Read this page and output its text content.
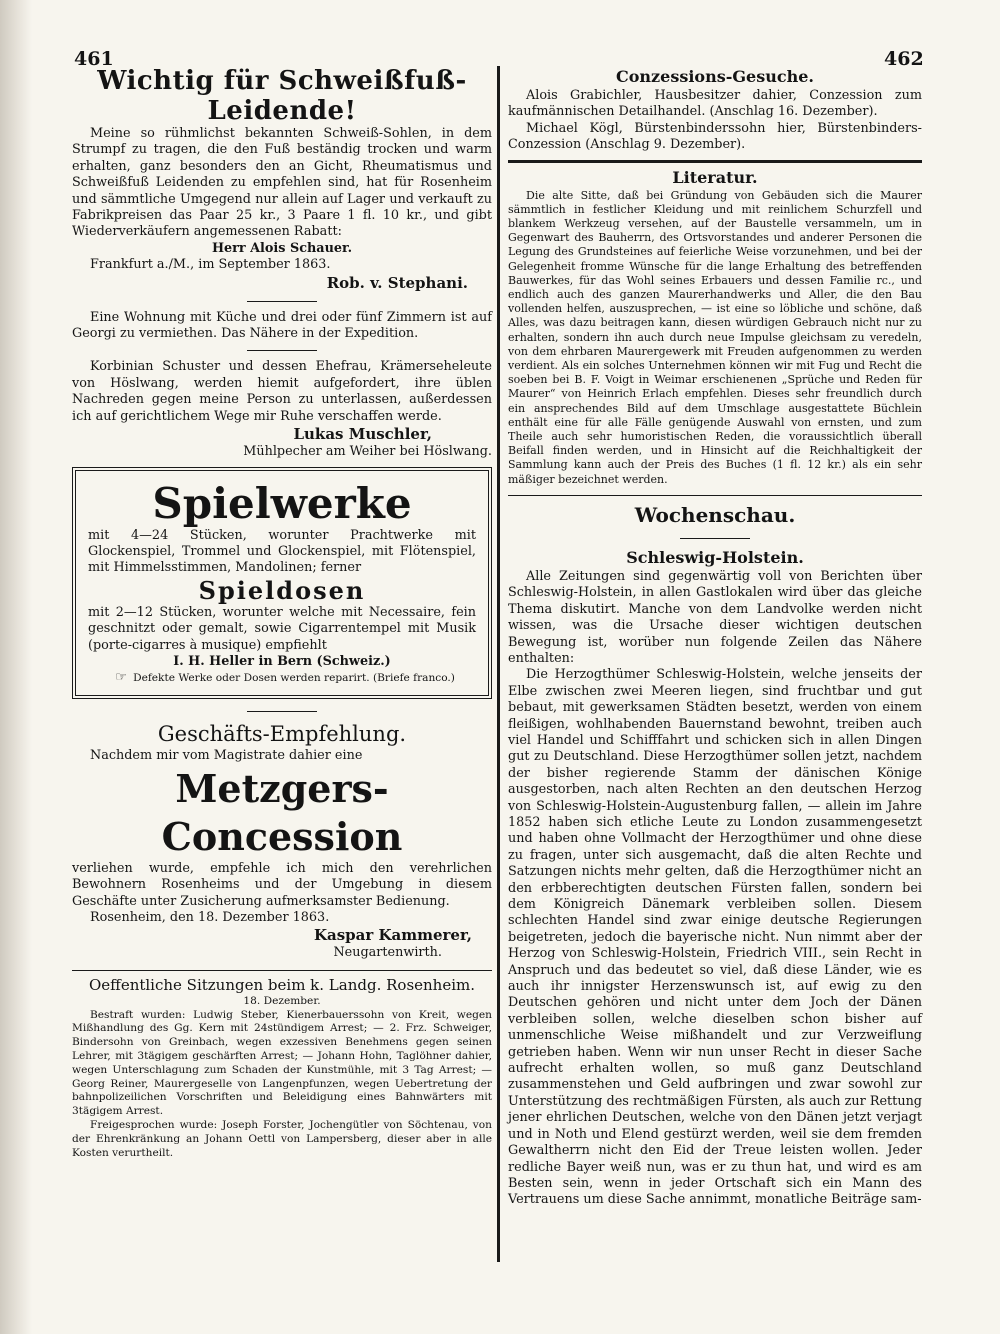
461	462

Wichtig für Schweißfuß-Leidende!

Meine so rühmlichst bekannten Schweiß-Sohlen, in dem Strumpf zu tragen, die den Fuß beständig trocken und warm erhalten, ganz besonders den an Gicht, Rheumatismus und Schweißfuß Leidenden zu empfehlen sind, hat für Rosenheim und sämmtliche Umgegend nur allein auf Lager und verkauft zu Fabrikpreisen das Paar 25 kr., 3 Paare 1 fl. 10 kr., und gibt Wiederverkäufern angemessenen Rabatt:

Herr Alois Schauer.

Frankfurt a./M., im September 1863.

Rob. v. Stephani.

Eine Wohnung mit Küche und drei oder fünf Zimmern ist auf Georgi zu vermiethen. Das Nähere in der Expedition.

Korbinian Schuster und dessen Ehefrau, Krämerseheleute von Höslwang, werden hiemit aufgefordert, ihre üblen Nachreden gegen meine Person zu unterlassen, außerdessen ich auf gerichtlichem Wege mir Ruhe verschaffen werde.

Lukas Muschler,

Mühlpecher am Weiher bei Höslwang.

Spielwerke

mit 4—24 Stücken, worunter Prachtwerke mit Glockenspiel, Trommel und Glockenspiel, mit Flötenspiel, mit Himmelsstimmen, Mandolinen; ferner

Spieldosen

mit 2—12 Stücken, worunter welche mit Necessaire, fein geschnitzt oder gemalt, sowie Cigarrentempel mit Musik (porte-cigarres à musique) empfiehlt

I. H. Heller in Bern (Schweiz.)

☞ Defekte Werke oder Dosen werden reparirt. (Briefe franco.)

Geschäfts-Empfehlung.

Nachdem mir vom Magistrate dahier eine

Metzgers-Concession

verliehen wurde, empfehle ich mich den verehrlichen Bewohnern Rosenheims und der Umgebung in diesem Geschäfte unter Zusicherung aufmerksamster Bedienung.

Rosenheim, den 18. Dezember 1863.

Kaspar Kammerer,

Neugartenwirth.

Oeffentliche Sitzungen beim k. Landg. Rosenheim.

18. Dezember.

Bestraft wurden: Ludwig Steber, Kienerbauerssohn von Kreit, wegen Mißhandlung des Gg. Kern mit 24stündigem Arrest; — 2. Frz. Schweiger, Bindersohn von Greinbach, wegen exzessiven Benehmens gegen seinen Lehrer, mit 3tägigem geschärften Arrest; — Johann Hohn, Taglöhner dahier, wegen Unterschlagung zum Schaden der Kunstmühle, mit 3 Tag Arrest; — Georg Reiner, Maurergeselle von Langenpfunzen, wegen Uebertretung der bahnpolizeilichen Vorschriften und Beleidigung eines Bahnwärters mit 3tägigem Arrest.

Freigesprochen wurde: Joseph Forster, Jochengütler von Söchtenau, von der Ehrenkränkung an Johann Oettl von Lampersberg, dieser aber in alle Kosten verurtheilt.

Conzessions-Gesuche.

Alois Grabichler, Hausbesitzer dahier, Conzession zum kaufmännischen Detailhandel. (Anschlag 16. Dezember).

Michael Kögl, Bürstenbinderssohn hier, Bürstenbinders-Conzession (Anschlag 9. Dezember).

Literatur.

Die alte Sitte, daß bei Gründung von Gebäuden sich die Maurer sämmtlich in festlicher Kleidung und mit reinlichem Schurzfell und blankem Werkzeug versehen, auf der Baustelle versammeln, um in Gegenwart des Bauherrn, des Ortsvorstandes und anderer Personen die Legung des Grundsteines auf feierliche Weise vorzunehmen, und bei der Gelegenheit fromme Wünsche für die lange Erhaltung des betreffenden Bauwerkes, für das Wohl seines Erbauers und dessen Familie rc., und endlich auch des ganzen Maurerhandwerks und Aller, die den Bau vollenden helfen, auszusprechen, — ist eine so löbliche und schöne, daß Alles, was dazu beitragen kann, diesen würdigen Gebrauch nicht nur zu erhalten, sondern ihn auch durch neue Impulse gleichsam zu veredeln, von dem ehrbaren Maurergewerk mit Freuden aufgenommen zu werden verdient. Als ein solches Unternehmen können wir mit Fug und Recht die soeben bei B. F. Voigt in Weimar erschienenen „Sprüche und Reden für Maurer“ von Heinrich Erlach empfehlen. Dieses sehr freundlich durch ein ansprechendes Bild auf dem Umschlage ausgestattete Büchlein enthält eine für alle Fälle genügende Auswahl von ernsten, und zum Theile auch sehr humoristischen Reden, die voraussichtlich überall Beifall finden werden, und in Hinsicht auf die Reichhaltigkeit der Sammlung kann auch der Preis des Buches (1 fl. 12 kr.) als ein sehr mäßiger bezeichnet werden.

Wochenschau.

Schleswig-Holstein.

Alle Zeitungen sind gegenwärtig voll von Berichten über Schleswig-Holstein, in allen Gastlokalen wird über das gleiche Thema diskutirt. Manche von dem Landvolke werden nicht wissen, was die Ursache dieser wichtigen deutschen Bewegung ist, worüber nun folgende Zeilen das Nähere enthalten:

Die Herzogthümer Schleswig-Holstein, welche jenseits der Elbe zwischen zwei Meeren liegen, sind fruchtbar und gut bebaut, mit gewerksamen Städten besetzt, werden von einem fleißigen, wohlhabenden Bauernstand bewohnt, treiben auch viel Handel und Schifffahrt und schicken sich in allen Dingen gut zu Deutschland. Diese Herzogthümer sollen jetzt, nachdem der bisher regierende Stamm der dänischen Könige ausgestorben, nach alten Rechten an den deutschen Herzog von Schleswig-Holstein-Augustenburg fallen, — allein im Jahre 1852 haben sich etliche Leute zu London zusammengesetzt und haben ohne Vollmacht der Herzogthümer und ohne diese zu fragen, unter sich ausgemacht, daß die alten Rechte und Satzungen nichts mehr gelten, daß die Herzogthümer nicht an den erbberechtigten deutschen Fürsten fallen, sondern bei dem Königreich Dänemark verbleiben sollen. Diesem schlechten Handel sind zwar einige deutsche Regierungen beigetreten, jedoch die bayerische nicht. Nun nimmt aber der Herzog von Schleswig-Holstein, Friedrich VIII., sein Recht in Anspruch und das bedeutet so viel, daß diese Länder, wie es auch ihr innigster Herzenswunsch ist, auf ewig zu den Deutschen gehören und nicht unter dem Joch der Dänen verbleiben sollen, welche dieselben schon bisher auf unmenschliche Weise mißhandelt und zur Verzweiflung getrieben haben. Wenn wir nun unser Recht in dieser Sache aufrecht erhalten wollen, so muß ganz Deutschland zusammenstehen und Geld aufbringen und zwar sowohl zur Unterstützung des rechtmäßigen Fürsten, als auch zur Rettung jener ehrlichen Deutschen, welche von den Dänen jetzt verjagt und in Noth und Elend gestürzt werden, weil sie dem fremden Gewaltherrn nicht den Eid der Treue leisten wollen. Jeder redliche Bayer weiß nun, was er zu thun hat, und wird es am Besten sein, wenn in jeder Ortschaft sich ein Mann des Vertrauens um diese Sache annimmt, monatliche Beiträge sam-
